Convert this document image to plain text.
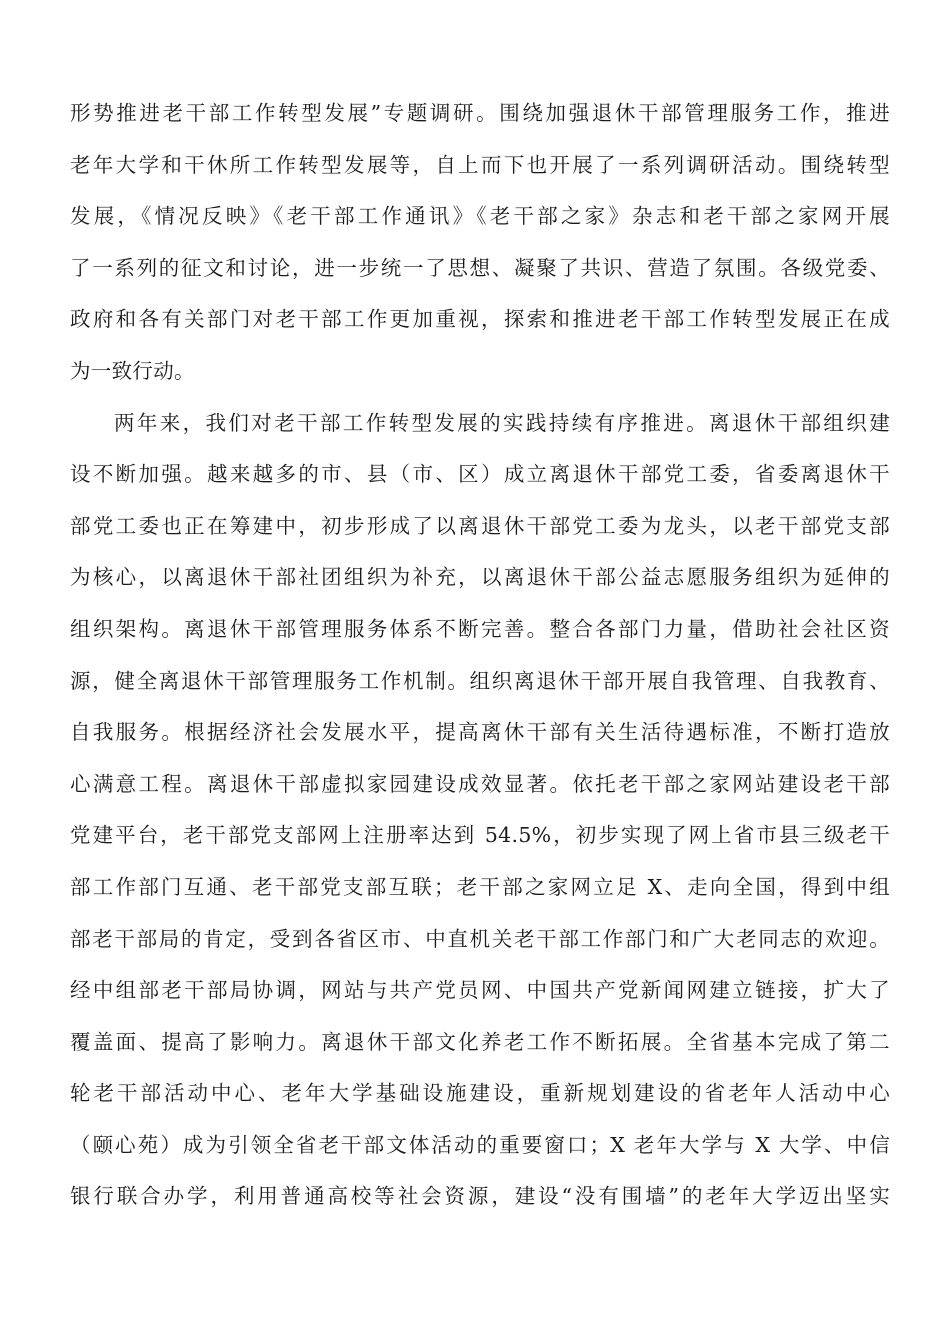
形势推进老干部工作转型发展”专题调研。围绕加强退休干部管理服务工作，推进
老年大学和干休所工作转型发展等，自上而下也开展了一系列调研活动。围绕转型
发展，《情况反映》《老干部工作通讯》《老干部之家》杂志和老干部之家网开展
了一系列的征文和讨论，进一步统一了思想、凝聚了共识、营造了氛围。各级党委、
政府和各有关部门对老干部工作更加重视，探索和推进老干部工作转型发展正在成
为一致行动。
两年来，我们对老干部工作转型发展的实践持续有序推进。离退休干部组织建
设不断加强。越来越多的市、县（市、区）成立离退休干部党工委，省委离退休干
部党工委也正在筹建中，初步形成了以离退休干部党工委为龙头，以老干部党支部
为核心，以离退休干部社团组织为补充，以离退休干部公益志愿服务组织为延伸的
组织架构。离退休干部管理服务体系不断完善。整合各部门力量，借助社会社区资
源，健全离退休干部管理服务工作机制。组织离退休干部开展自我管理、自我教育、
自我服务。根据经济社会发展水平，提高离休干部有关生活待遇标准，不断打造放
心满意工程。离退休干部虚拟家园建设成效显著。依托老干部之家网站建设老干部
党建平台，老干部党支部网上注册率达到 54.5%，初步实现了网上省市县三级老干
部工作部门互通、老干部党支部互联；老干部之家网立足 X、走向全国，得到中组
部老干部局的肯定，受到各省区市、中直机关老干部工作部门和广大老同志的欢迎。
经中组部老干部局协调，网站与共产党员网、中国共产党新闻网建立链接，扩大了
覆盖面、提高了影响力。离退休干部文化养老工作不断拓展。全省基本完成了第二
轮老干部活动中心、老年大学基础设施建设，重新规划建设的省老年人活动中心
（颐心苑）成为引领全省老干部文体活动的重要窗口；X 老年大学与 X 大学、中信
银行联合办学，利用普通高校等社会资源，建设“没有围墙”的老年大学迈出坚实
